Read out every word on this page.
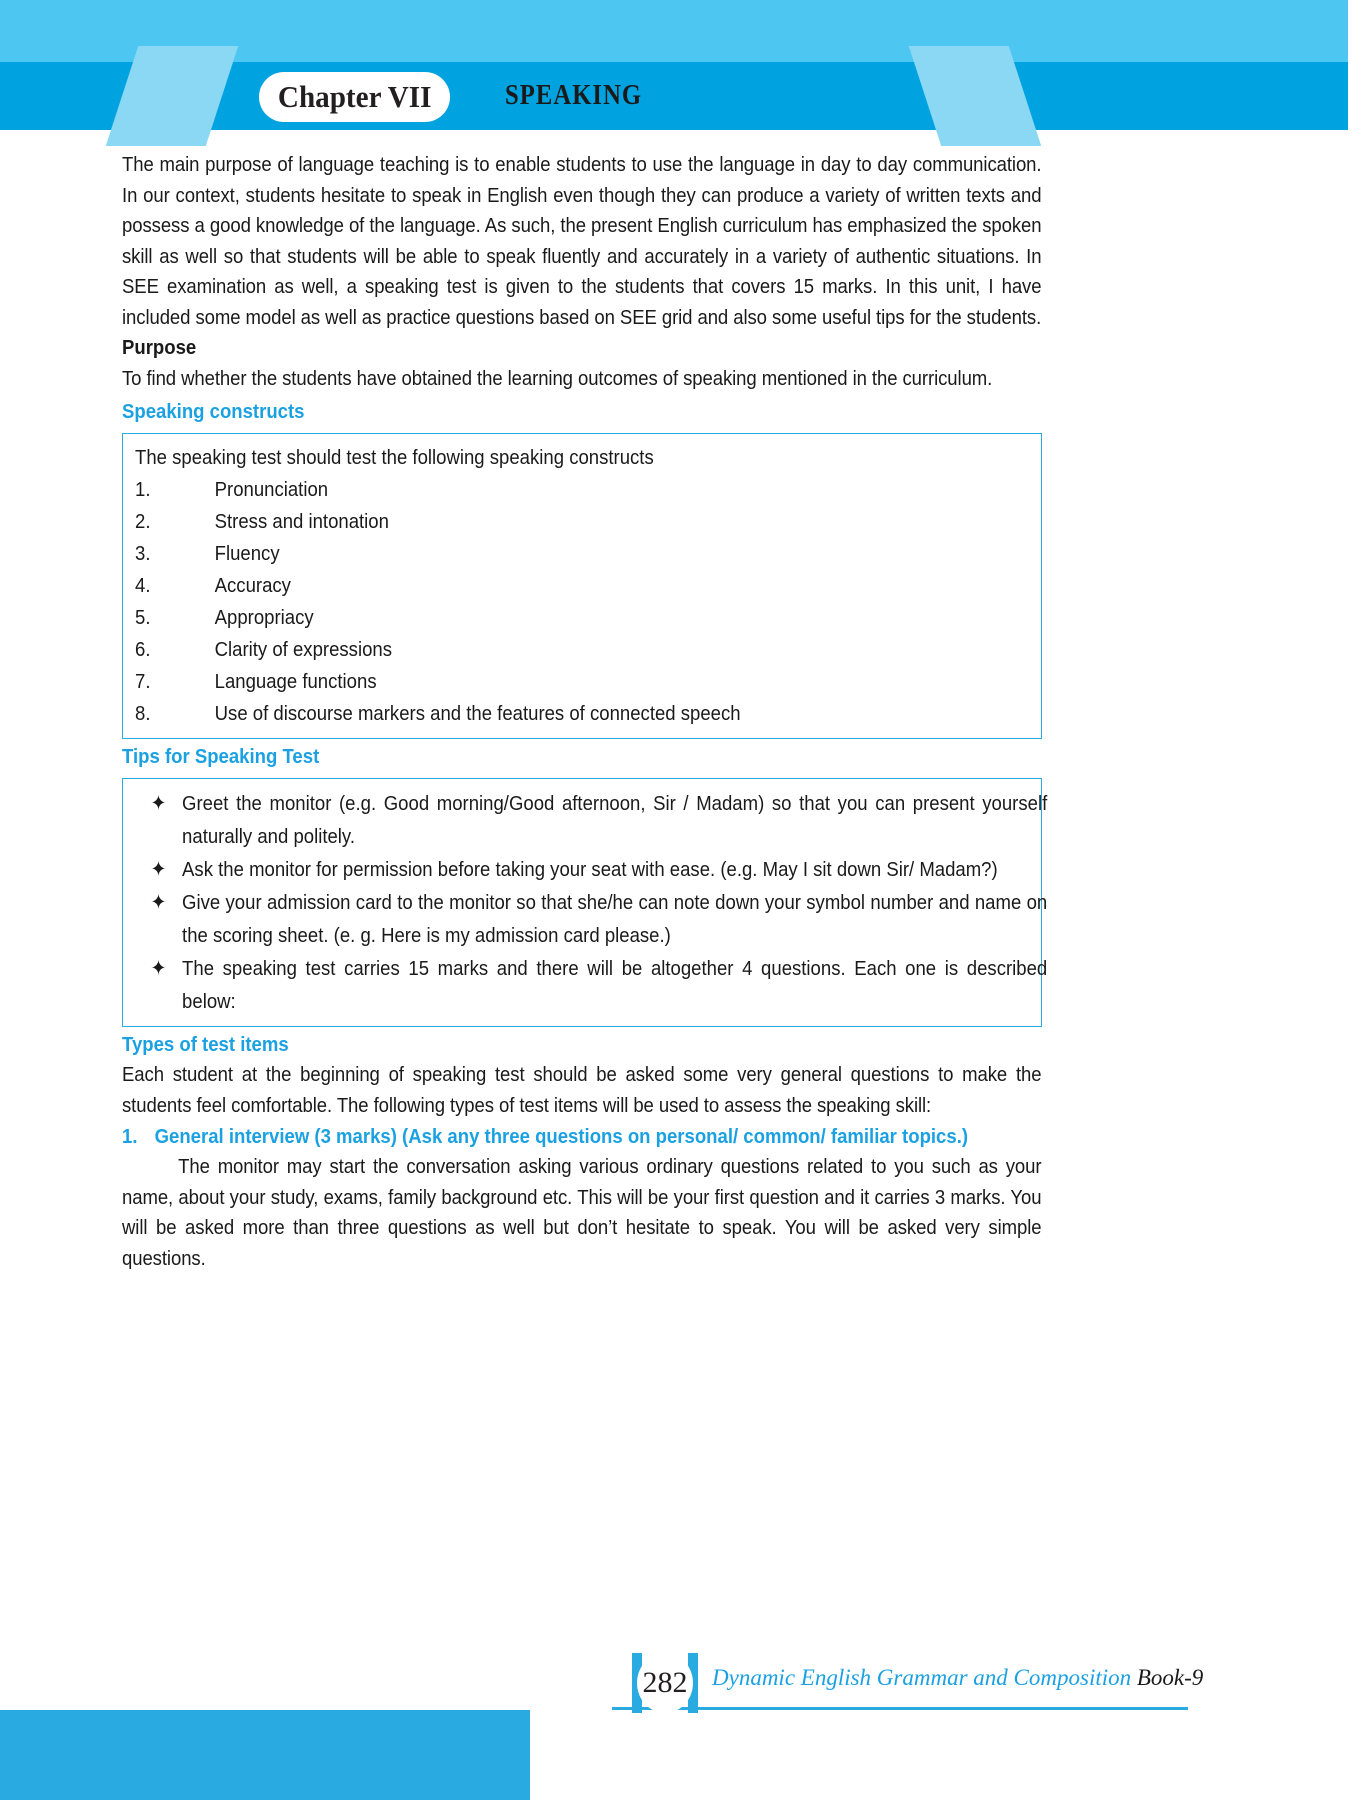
Chapter VII	SPEAKING

The main purpose of language teaching is to enable students to use the language in day to day communication. In our context, students hesitate to speak in English even though they can produce a variety of written texts and possess a good knowledge of the language. As such, the present English curriculum has emphasized the spoken skill as well so that students will be able to speak fluently and accurately in a variety of authentic situations. In SEE examination as well, a speaking test is given to the students that covers 15 marks. In this unit, I have included some model as well as practice questions based on SEE grid and also some useful tips for the students.

Purpose

To find whether the students have obtained the learning outcomes of speaking mentioned in the curriculum.

Speaking constructs
The speaking test should test the following speaking constructs
1.	Pronunciation
2.	Stress and intonation
3.	Fluency
4.	Accuracy
5.	Appropriacy
6.	Clarity of expressions
7.	Language functions
8.	Use of discourse markers and the features of connected speech
Tips for Speaking Test
✦ Greet the monitor (e.g. Good morning/Good afternoon, Sir / Madam) so that you can present yourself naturally and politely.
✦ Ask the monitor for permission before taking your seat with ease. (e.g. May I sit down Sir/ Madam?)
✦ Give your admission card to the monitor so that she/he can note down your symbol number and name on the scoring sheet. (e. g. Here is my admission card please.)
✦ The speaking test carries 15 marks and there will be altogether 4 questions. Each one is described below:
Types of test items

Each student at the beginning of speaking test should be asked some very general questions to make the students feel comfortable. The following types of test items will be used to assess the speaking skill:

1. General interview (3 marks) (Ask any three questions on personal/ common/ familiar topics.)

The monitor may start the conversation asking various ordinary questions related to you such as your name, about your study, exams, family background etc. This will be your first question and it carries 3 marks. You will be asked more than three questions as well but don’t hesitate to speak. You will be asked very simple questions.

282	Dynamic English Grammar and Composition Book-9
